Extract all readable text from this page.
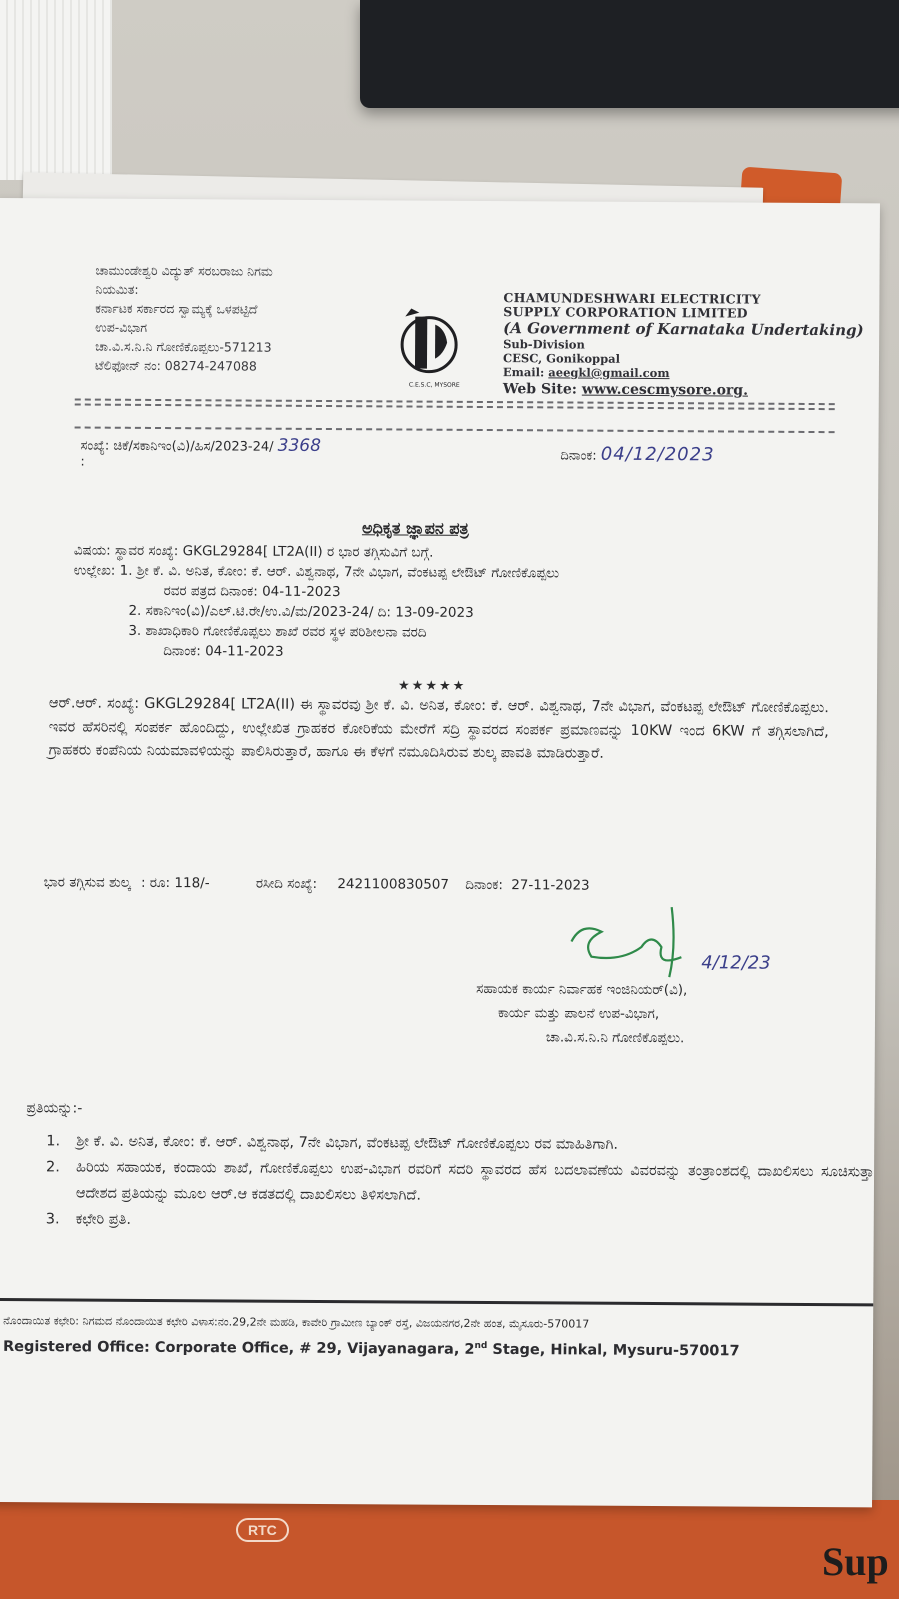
RTC
Sup
ಚಾಮುಂಡೇಶ್ವರಿ ವಿದ್ಯುತ್ ಸರಬರಾಜು ನಿಗಮ
ನಿಯಮಿತ:
ಕರ್ನಾಟಕ ಸರ್ಕಾರದ ಸ್ವಾಮ್ಯಕ್ಕೆ ಒಳಪಟ್ಟಿದೆ
ಉಪ-ವಿಭಾಗ
ಚಾ.ವಿ.ಸ.ನಿ.ನಿ ಗೋಣಿಕೊಪ್ಪಲು-571213
ಟೆಲಿಫೋನ್ ನಂ: 08274-247088
C.E.S.C, MYSORE
CHAMUNDESHWARI ELECTRICITY
SUPPLY CORPORATION LIMITED
(A Government of Karnataka Undertaking)
Sub-Division
CESC, Gonikoppal
Email: aeegkl@gmail.com
Web Site: www.cescmysore.org.
ಸಂಖ್ಯೆ: ಚಿಕೆ/ಸಕಾನಿಇಂ(ವಿ)/ಹಿಸ/2023-24/ 3368
:	ದಿನಾಂಕ: 04/12/2023
ಅಧಿಕೃತ ಜ್ಞಾಪನ ಪತ್ರ
ವಿಷಯ: ಸ್ಥಾವರ ಸಂಖ್ಯೆ: GKGL29284[ LT2A(II) ರ ಭಾರ ತಗ್ಗಿಸುವಿಗೆ ಬಗ್ಗೆ.
ಉಲ್ಲೇಖ: 1. ಶ್ರೀ ಕೆ. ವಿ. ಅನಿತ, ಕೋಂ: ಕೆ. ಆರ್. ವಿಶ್ವನಾಥ, 7ನೇ ವಿಭಾಗ, ವೆಂಕಟಪ್ಪ ಲೇಔಟ್ ಗೋಣಿಕೊಪ್ಪಲು
ರವರ ಪತ್ರದ ದಿನಾಂಕ: 04-11-2023
2. ಸಕಾನಿಇಂ(ವಿ)/ಎಲ್.ಟಿ.ರೇ/ಉ.ವಿ/ಮ/2023-24/ ದಿ: 13-09-2023
3. ಶಾಖಾಧಿಕಾರಿ ಗೋಣಿಕೊಪ್ಪಲು ಶಾಖೆ ರವರ ಸ್ಥಳ ಪರಿಶೀಲನಾ ವರದಿ
ದಿನಾಂಕ: 04-11-2023
★★★★★
ಆರ್.ಆರ್. ಸಂಖ್ಯೆ: GKGL29284[ LT2A(II) ಈ ಸ್ಥಾವರವು ಶ್ರೀ ಕೆ. ವಿ. ಅನಿತ, ಕೋಂ: ಕೆ. ಆರ್. ವಿಶ್ವನಾಥ, 7ನೇ ವಿಭಾಗ, ವೆಂಕಟಪ್ಪ ಲೇಔಟ್ ಗೋಣಿಕೊಪ್ಪಲು. ಇವರ ಹೆಸರಿನಲ್ಲಿ ಸಂಪರ್ಕ ಹೊಂದಿದ್ದು, ಉಲ್ಲೇಖಿತ ಗ್ರಾಹಕರ ಕೋರಿಕೆಯ ಮೇರೆಗೆ ಸದ್ರಿ ಸ್ಥಾವರದ ಸಂಪರ್ಕ ಪ್ರಮಾಣವನ್ನು 10KW ಇಂದ 6KW ಗೆ ತಗ್ಗಿಸಲಾಗಿದೆ, ಗ್ರಾಹಕರು ಕಂಪೆನಿಯ ನಿಯಮಾವಳಿಯನ್ನು ಪಾಲಿಸಿರುತ್ತಾರೆ, ಹಾಗೂ ಈ ಕೆಳಗೆ ನಮೂದಿಸಿರುವ ಶುಲ್ಕ ಪಾವತಿ ಮಾಡಿರುತ್ತಾರೆ.
ಭಾರ ತಗ್ಗಿಸುವ ಶುಲ್ಕ : ರೂ: 118/-	ರಸೀದಿ ಸಂಖ್ಯೆ: 2421100830507 ದಿನಾಂಕ: 27-11-2023
4/12/23
ಸಹಾಯಕ ಕಾರ್ಯ ನಿರ್ವಾಹಕ ಇಂಜಿನಿಯರ್(ವಿ),
ಕಾರ್ಯ ಮತ್ತು ಪಾಲನೆ ಉಪ-ವಿಭಾಗ,
ಚಾ.ವಿ.ಸ.ನಿ.ನಿ ಗೋಣಿಕೊಪ್ಪಲು.
ಪ್ರತಿಯನ್ನು:-
1.	ಶ್ರೀ ಕೆ. ವಿ. ಅನಿತ, ಕೋಂ: ಕೆ. ಆರ್. ವಿಶ್ವನಾಥ, 7ನೇ ವಿಭಾಗ, ವೆಂಕಟಪ್ಪ ಲೇಔಟ್ ಗೋಣಿಕೊಪ್ಪಲು ರವ ಮಾಹಿತಿಗಾಗಿ.
2.	ಹಿರಿಯ ಸಹಾಯಕ, ಕಂದಾಯ ಶಾಖೆ, ಗೋಣಿಕೊಪ್ಪಲು ಉಪ-ವಿಭಾಗ ರವರಿಗೆ ಸದರಿ ಸ್ಥಾವರದ ಹೆಸ ಬದಲಾವಣೆಯ ವಿವರವನ್ನು ತಂತ್ರಾಂಶದಲ್ಲಿ ದಾಖಲಿಸಲು ಸೂಚಿಸುತ್ತಾ ಆದೇಶದ ಪ್ರತಿಯನ್ನು ಮೂಲ ಆರ್.ಆ ಕಡತದಲ್ಲಿ ದಾಖಲಿಸಲು ತಿಳಿಸಲಾಗಿದೆ.
3.	ಕಛೇರಿ ಪ್ರತಿ.
ನೊಂದಾಯಿತ ಕಛೇರಿ: ನಿಗಮದ ನೊಂದಾಯಿತ ಕಛೇರಿ ವಿಳಾಸ:ನಂ.29,2ನೇ ಮಹಡಿ, ಕಾವೇರಿ ಗ್ರಾಮೀಣ ಬ್ಯಾಂಕ್ ರಸ್ತೆ, ವಿಜಯನಗರ,2ನೇ ಹಂತ, ಮೈಸೂರು-570017
Registered Office: Corporate Office, # 29, Vijayanagara, 2nd Stage, Hinkal, Mysuru-570017
